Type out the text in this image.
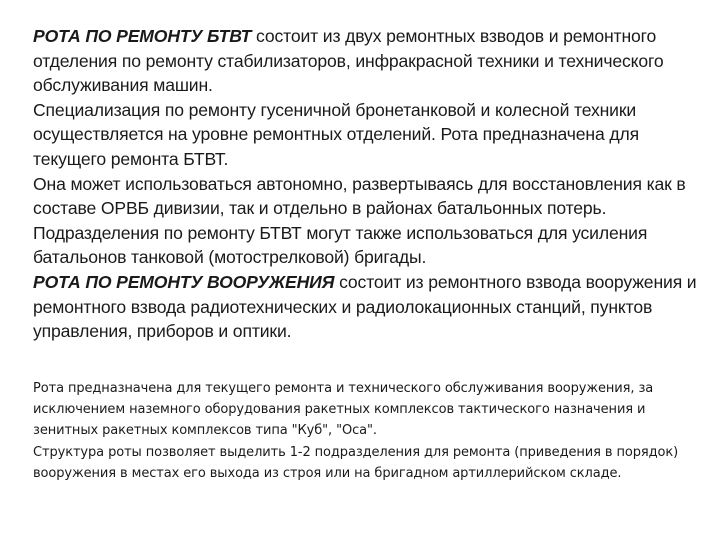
РОТА ПО РЕМОНТУ БТВТ состоит из двух ремонтных взводов и ремонтного отделения по ремонту стабилизаторов, инфракрасной техники и технического обслуживания машин.

Специализация по ремонту гусеничной бронетанковой и колесной техники осуществляется на уровне ремонтных отделений. Рота предназначена для текущего ремонта БТВТ.

Она может использоваться автономно, развертываясь для восстановления как в составе ОРВБ дивизии, так и отдельно в районах батальонных потерь. Подразделения по ремонту БТВТ могут также использоваться для усиления батальонов танковой (мотострелковой) бригады.

РОТА ПО РЕМОНТУ ВООРУЖЕНИЯ состоит из ремонтного взвода вооружения и ремонтного взвода радиотехнических и радиолокационных станций, пунктов управления, приборов и оптики.

Рота предназначена для текущего ремонта и технического обслуживания вооружения, за исключением наземного оборудования ракетных комплексов тактического назначения и зенитных ракетных комплексов типа "Куб", "Оса".

Структура роты позволяет выделить 1-2 подразделения для ремонта (приведения в порядок) вооружения в местах его выхода из строя или на бригадном артиллерийском складе.
